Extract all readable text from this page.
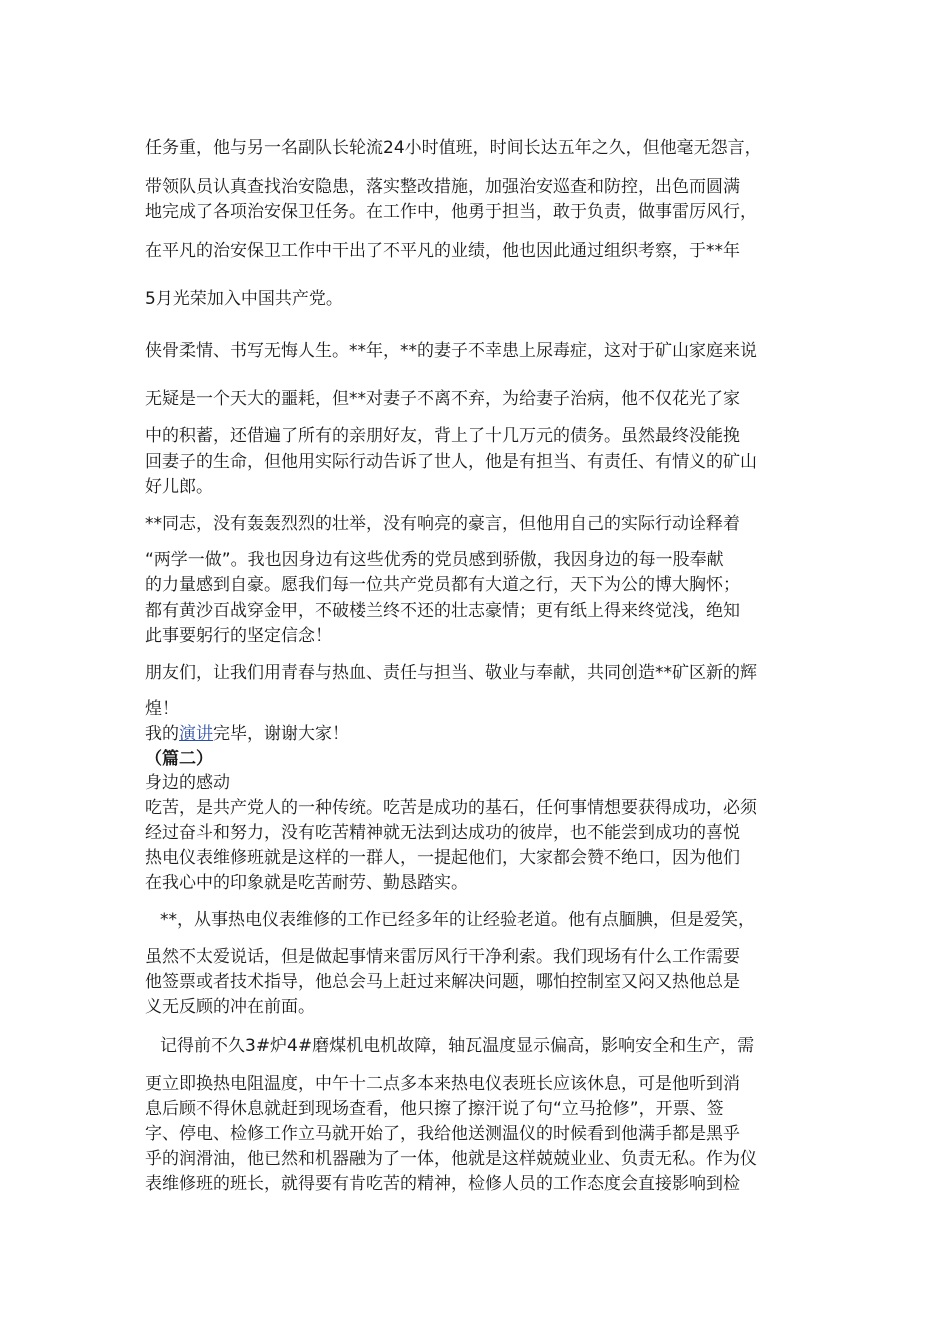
任务重，他与另一名副队长轮流24小时值班，时间长达五年之久，但他毫无怨言，
带领队员认真查找治安隐患，落实整改措施，加强治安巡查和防控，出色而圆满
地完成了各项治安保卫任务。在工作中，他勇于担当，敢于负责，做事雷厉风行，
在平凡的治安保卫工作中干出了不平凡的业绩，他也因此通过组织考察，于**年
5月光荣加入中国共产党。
侠骨柔情、书写无悔人生。**年，**的妻子不幸患上尿毒症，这对于矿山家庭来说
无疑是一个天大的噩耗，但**对妻子不离不弃，为给妻子治病，他不仅花光了家
中的积蓄，还借遍了所有的亲朋好友，背上了十几万元的债务。虽然最终没能挽
回妻子的生命，但他用实际行动告诉了世人，他是有担当、有责任、有情义的矿山
好儿郎。
**同志，没有轰轰烈烈的壮举，没有响亮的豪言，但他用自己的实际行动诠释着
“两学一做”。我也因身边有这些优秀的党员感到骄傲，我因身边的每一股奉献
的力量感到自豪。愿我们每一位共产党员都有大道之行，天下为公的博大胸怀；
都有黄沙百战穿金甲，不破楼兰终不还的壮志豪情；更有纸上得来终觉浅，绝知
此事要躬行的坚定信念！
朋友们，让我们用青春与热血、责任与担当、敬业与奉献，共同创造**矿区新的辉
煌！
我的演讲完毕，谢谢大家！
（篇二）
身边的感动
吃苦，是共产党人的一种传统。吃苦是成功的基石，任何事情想要获得成功，必须
经过奋斗和努力，没有吃苦精神就无法到达成功的彼岸，也不能尝到成功的喜悦
热电仪表维修班就是这样的一群人，一提起他们，大家都会赞不绝口，因为他们
在我心中的印象就是吃苦耐劳、勤恳踏实。
**，从事热电仪表维修的工作已经多年的让经验老道。他有点腼腆，但是爱笑，
虽然不太爱说话，但是做起事情来雷厉风行干净利索。我们现场有什么工作需要
他签票或者技术指导，他总会马上赶过来解决问题，哪怕控制室又闷又热他总是
义无反顾的冲在前面。
记得前不久3#炉4#磨煤机电机故障，轴瓦温度显示偏高，影响安全和生产，需
更立即换热电阻温度，中午十二点多本来热电仪表班长应该休息，可是他听到消
息后顾不得休息就赶到现场查看，他只擦了擦汗说了句“立马抢修”，开票、签
字、停电、检修工作立马就开始了，我给他送测温仪的时候看到他满手都是黑乎
乎的润滑油，他已然和机器融为了一体，他就是这样兢兢业业、负责无私。作为仪
表维修班的班长，就得要有肯吃苦的精神，检修人员的工作态度会直接影响到检
